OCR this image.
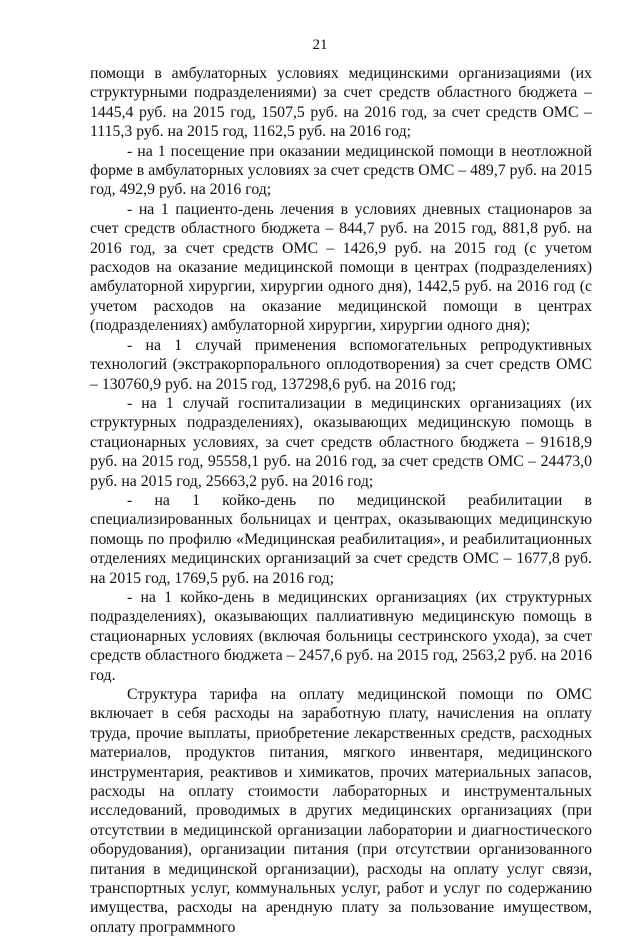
21

помощи в амбулаторных условиях медицинскими организациями (их структурными подразделениями) за счет средств областного бюджета – 1445,4 руб. на 2015 год, 1507,5 руб. на 2016 год, за счет средств ОМС – 1115,3 руб. на 2015 год, 1162,5 руб. на 2016 год;

- на 1 посещение при оказании медицинской помощи в неотложной форме в амбулаторных условиях за счет средств ОМС – 489,7 руб. на 2015 год, 492,9 руб. на 2016 год;

- на 1 пациенто-день лечения в условиях дневных стационаров за счет средств областного бюджета – 844,7 руб. на 2015 год, 881,8 руб. на 2016 год, за счет средств ОМС – 1426,9 руб. на 2015 год (с учетом расходов на оказание медицинской помощи в центрах (подразделениях) амбулаторной хирургии, хирургии одного дня), 1442,5 руб. на 2016 год (с учетом расходов на оказание медицинской помощи в центрах (подразделениях) амбулаторной хирургии, хирургии одного дня);

- на 1 случай применения вспомогательных репродуктивных технологий (экстракорпорального оплодотворения) за счет средств ОМС – 130760,9 руб. на 2015 год, 137298,6 руб. на 2016 год;

- на 1 случай госпитализации в медицинских организациях (их структурных подразделениях), оказывающих медицинскую помощь в стационарных условиях, за счет средств областного бюджета – 91618,9 руб. на 2015 год, 95558,1 руб. на 2016 год, за счет средств ОМС – 24473,0 руб. на 2015 год, 25663,2 руб. на 2016 год;

- на 1 койко-день по медицинской реабилитации в специализированных больницах и центрах, оказывающих медицинскую помощь по профилю «Медицинская реабилитация», и реабилитационных отделениях медицинских организаций за счет средств ОМС – 1677,8 руб. на 2015 год, 1769,5 руб. на 2016 год;

- на 1 койко-день в медицинских организациях (их структурных подразделениях), оказывающих паллиативную медицинскую помощь в стационарных условиях (включая больницы сестринского ухода), за счет средств областного бюджета – 2457,6 руб. на 2015 год, 2563,2 руб. на 2016 год.

Структура тарифа на оплату медицинской помощи по ОМС включает в себя расходы на заработную плату, начисления на оплату труда, прочие выплаты, приобретение лекарственных средств, расходных материалов, продуктов питания, мягкого инвентаря, медицинского инструментария, реактивов и химикатов, прочих материальных запасов, расходы на оплату стоимости лабораторных и инструментальных исследований, проводимых в других медицинских организациях (при отсутствии в медицинской организации лаборатории и диагностического оборудования), организации питания (при отсутствии организованного питания в медицинской организации), расходы на оплату услуг связи, транспортных услуг, коммунальных услуг, работ и услуг по содержанию имущества, расходы на арендную плату за пользование имуществом, оплату программного
